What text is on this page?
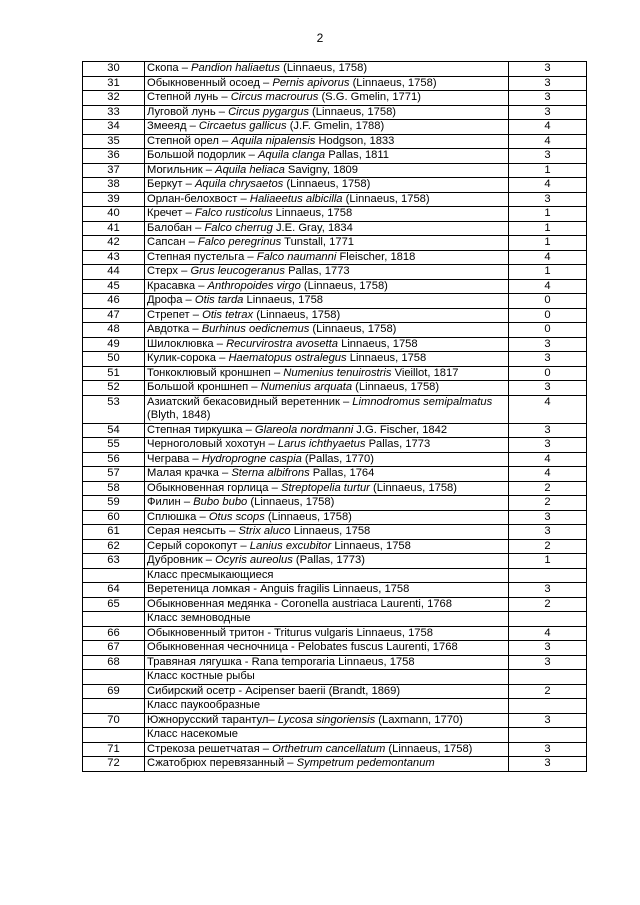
2
30	Скопа – Pandion haliaetus (Linnaeus, 1758)	3
31	Обыкновенный осоед – Pernis apivorus (Linnaeus, 1758)	3
32	Степной лунь – Circus macrourus (S.G. Gmelin, 1771)	3
33	Луговой лунь – Circus pygargus (Linnaeus, 1758)	3
34	Змееяд – Circaetus gallicus (J.F. Gmelin, 1788)	4
35	Степной орел – Aquila nipalensis Hodgson, 1833	4
36	Большой подорлик – Aquila clanga Pallas, 1811	3
37	Могильник – Aquila heliaca Savigny, 1809	1
38	Беркут – Aquila chrysaetos (Linnaeus, 1758)	4
39	Орлан-белохвост – Haliaeetus albicilla (Linnaeus, 1758)	3
40	Кречет – Falco rusticolus Linnaeus, 1758	1
41	Балобан – Falco cherrug J.E. Gray, 1834	1
42	Сапсан – Falco peregrinus Tunstall, 1771	1
43	Степная пустельга – Falco naumanni Fleischer, 1818	4
44	Стерх – Grus leucogeranus Pallas, 1773	1
45	Красавка – Anthropoides virgo (Linnaeus, 1758)	4
46	Дрофа – Otis tarda Linnaeus, 1758	0
47	Стрепет – Otis tetrax (Linnaeus, 1758)	0
48	Авдотка – Burhinus oedicnemus (Linnaeus, 1758)	0
49	Шилоклювка – Recurvirostra avosetta Linnaeus, 1758	3
50	Кулик-сорока – Haematopus ostralegus Linnaeus, 1758	3
51	Тонкоклювый кроншнеп – Numenius tenuirostris Vieillot, 1817	0
52	Большой кроншнеп – Numenius arquata (Linnaeus, 1758)	3
53	Азиатский бекасовидный веретенник – Limnodromus semipalmatus (Blyth, 1848)	4
54	Степная тиркушка – Glareola nordmanni J.G. Fischer, 1842	3
55	Черноголовый хохотун – Larus ichthyaetus Pallas, 1773	3
56	Чеграва – Hydroprogne caspia (Pallas, 1770)	4
57	Малая крачка – Sterna albifrons Pallas, 1764	4
58	Обыкновенная горлица – Streptopelia turtur (Linnaeus, 1758)	2
59	Филин – Bubo bubo (Linnaeus, 1758)	2
60	Сплюшка – Otus scops (Linnaeus, 1758)	3
61	Серая неясыть – Strix aluco Linnaeus, 1758	3
62	Серый сорокопут – Lanius excubitor Linnaeus, 1758	2
63	Дубровник – Ocyris aureolus (Pallas, 1773)	1
	Класс пресмыкающиеся	
64	Веретеница ломкая - Anguis fragilis Linnaeus, 1758	3
65	Обыкновенная медянка - Coronella austriaca Laurenti, 1768	2
	Класс земноводные	
66	Обыкновенный тритон - Triturus vulgaris Linnaeus, 1758	4
67	Обыкновенная чесночница - Pelobates fuscus Laurenti, 1768	3
68	Травяная лягушка - Rana temporaria Linnaeus, 1758	3
	Класс костные рыбы	
69	Сибирский осетр - Acipenser baerii (Brandt, 1869)	2
	Класс паукообразные	
70	Южнорусский тарантул– Lycosa singoriensis (Laxmann, 1770)	3
	Класс насекомые	
71	Стрекоза решетчатая – Orthetrum cancellatum (Linnaeus, 1758)	3
72	Сжатобрюх перевязанный – Sympetrum pedemontanum	3
